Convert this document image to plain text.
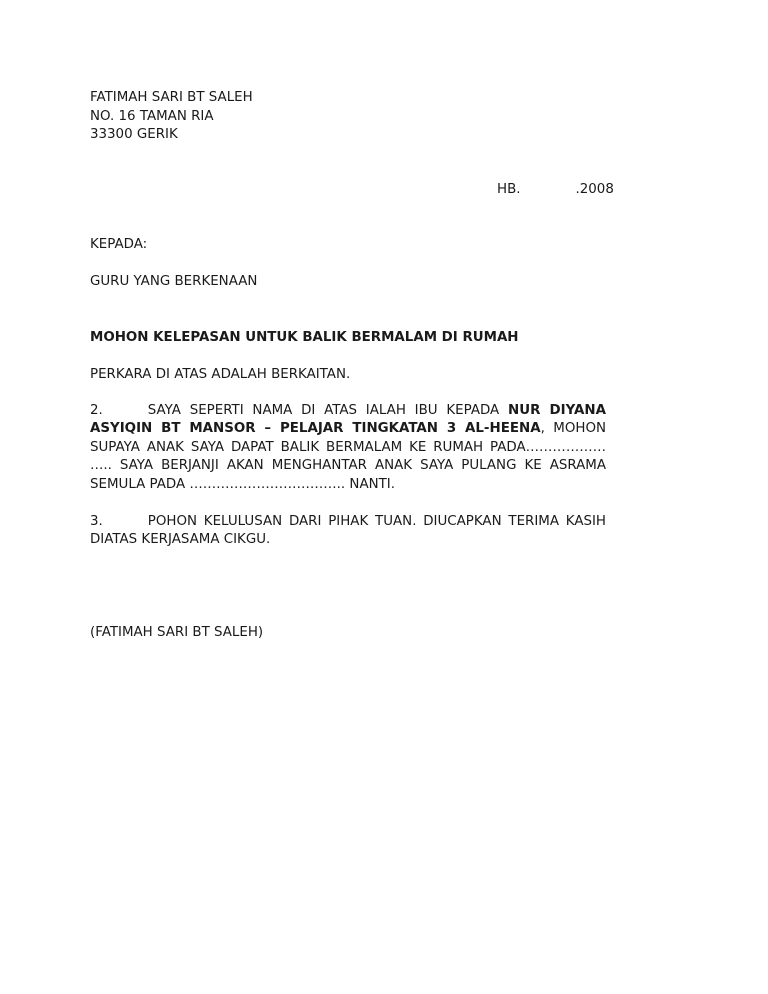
FATIMAH SARI BT SALEH
NO. 16 TAMAN RIA
33300 GERIK
HB.	.2008
KEPADA:
GURU YANG BERKENAAN
MOHON KELEPASAN UNTUK BALIK BERMALAM DI RUMAH
PERKARA DI ATAS ADALAH BERKAITAN.
2.	SAYA SEPERTI NAMA DI ATAS IALAH IBU KEPADA NUR DIYANA ASYIQIN BT MANSOR – PELAJAR TINGKATAN 3 AL-HEENA, MOHON SUPAYA ANAK SAYA DAPAT BALIK BERMALAM KE RUMAH PADA……………… ….. SAYA BERJANJI AKAN MENGHANTAR ANAK SAYA PULANG KE ASRAMA SEMULA PADA …………………………….. NANTI.
3.	POHON KELULUSAN DARI PIHAK TUAN. DIUCAPKAN TERIMA KASIH DIATAS KERJASAMA CIKGU.
(FATIMAH SARI BT SALEH)
